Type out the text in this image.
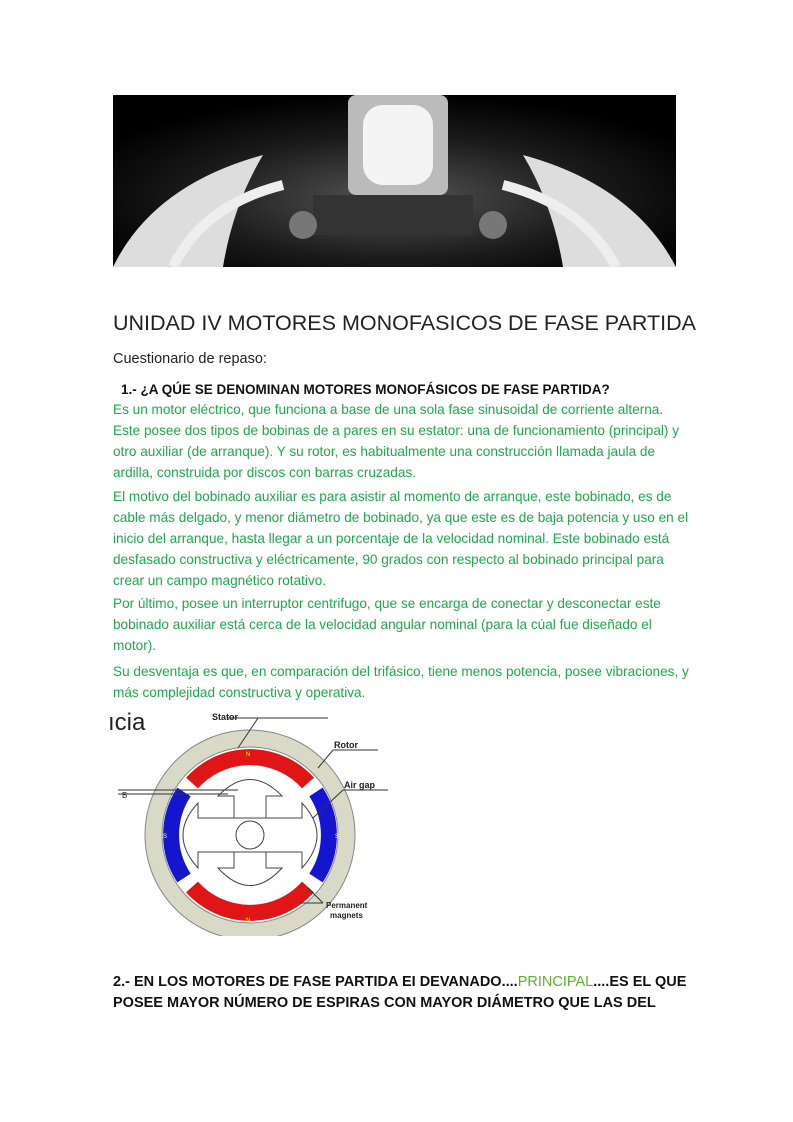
UNIDAD IV MOTORES MONOFASICOS DE FASE PARTIDA
Cuestionario de repaso:
1.- ¿A QÚE SE DENOMINAN MOTORES MONOFÁSICOS DE FASE PARTIDA?
Es un motor eléctrico, que funciona a base de una sola fase sinusoidal de corriente alterna.
Este posee dos tipos de bobinas de a pares en su estator: una de funcionamiento (principal) y
otro auxiliar (de arranque). Y su rotor, es habitualmente una construcción llamada jaula de
ardilla, construida por discos con barras cruzadas.
El motivo del bobinado auxiliar es para asistir al momento de arranque, este bobinado, es de
cable más delgado, y menor diámetro de bobinado, ya que este es de baja potencia y uso en el
inicio del arranque, hasta llegar a un porcentaje de la velocidad nominal. Este bobinado está
desfasado constructiva y eléctricamente, 90 grados con respecto al bobinado principal para
crear un campo magnético rotativo.
Por último, posee un interruptor centrifugo, que se encarga de conectar y desconectar este
bobinado auxiliar está cerca de la velocidad angular nominal (para la cúal fue diseñado el
motor).
Su desventaja es que, en comparación del trifásico, tiene menos potencia, posee vibraciones, y
más complejidad constructiva y operativa.
ıcia	Stator
Rotor
Air gap
Permanent
magnets
B
N
N
S	S
2.- EN LOS MOTORES DE FASE PARTIDA EI DEVANADO....PRINCIPAL....ES EL QUE
POSEE MAYOR NÚMERO DE ESPIRAS CON MAYOR DIÁMETRO QUE LAS DEL
